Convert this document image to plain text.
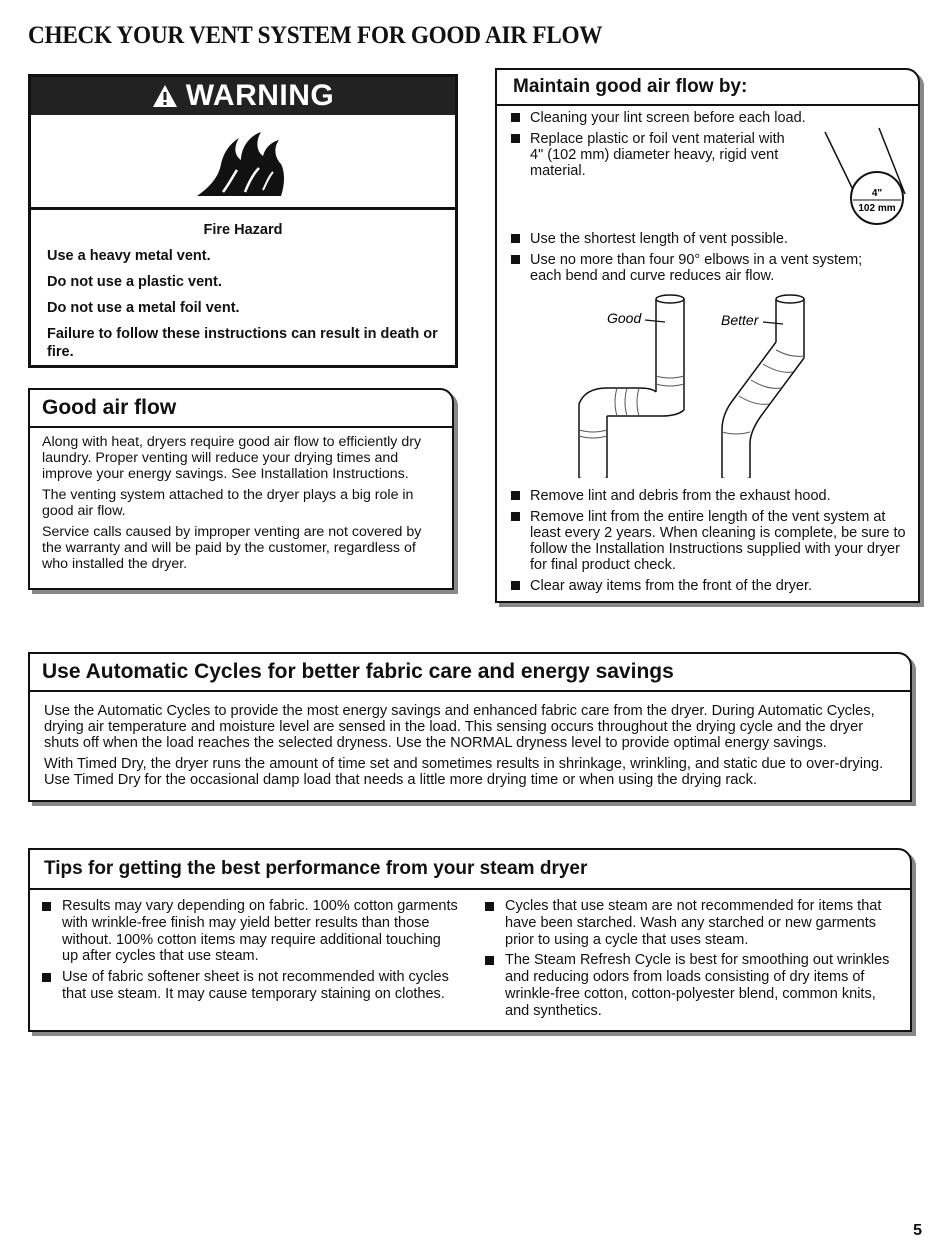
CHECK YOUR VENT SYSTEM FOR GOOD AIR FLOW
WARNING
Fire Hazard

Use a heavy metal vent.

Do not use a plastic vent.

Do not use a metal foil vent.

Failure to follow these instructions can result in death or fire.

Good air flow

Along with heat, dryers require good air flow to efficiently dry laundry. Proper venting will reduce your drying times and improve your energy savings. See Installation Instructions.

The venting system attached to the dryer plays a big role in good air flow.

Service calls caused by improper venting are not covered by the warranty and will be paid by the customer, regardless of who installed the dryer.

Maintain good air flow by:
Cleaning your lint screen before each load.
Replace plastic or foil vent material with 4" (102 mm) diameter heavy, rigid vent material.
4"
102 mm
Use the shortest length of vent possible.
Use no more than four 90° elbows in a vent system; each bend and curve reduces air flow.
Good	Better
Remove lint and debris from the exhaust hood.
Remove lint from the entire length of the vent system at least every 2 years. When cleaning is complete, be sure to follow the Installation Instructions supplied with your dryer for final product check.
Clear away items from the front of the dryer.
Use Automatic Cycles for better fabric care and energy savings

Use the Automatic Cycles to provide the most energy savings and enhanced fabric care from the dryer. During Automatic Cycles, drying air temperature and moisture level are sensed in the load. This sensing occurs throughout the drying cycle and the dryer shuts off when the load reaches the selected dryness. Use the NORMAL dryness level to provide optimal energy savings.

With Timed Dry, the dryer runs the amount of time set and sometimes results in shrinkage, wrinkling, and static due to over-drying. Use Timed Dry for the occasional damp load that needs a little more drying time or when using the drying rack.

Tips for getting the best performance from your steam dryer
Results may vary depending on fabric. 100% cotton garments with wrinkle-free finish may yield better results than those without. 100% cotton items may require additional touching up after cycles that use steam.
Use of fabric softener sheet is not recommended with cycles that use steam. It may cause temporary staining on clothes.
Cycles that use steam are not recommended for items that have been starched. Wash any starched or new garments prior to using a cycle that uses steam.
The Steam Refresh Cycle is best for smoothing out wrinkles and reducing odors from loads consisting of dry items of wrinkle-free cotton, cotton-polyester blend, common knits, and synthetics.
5
